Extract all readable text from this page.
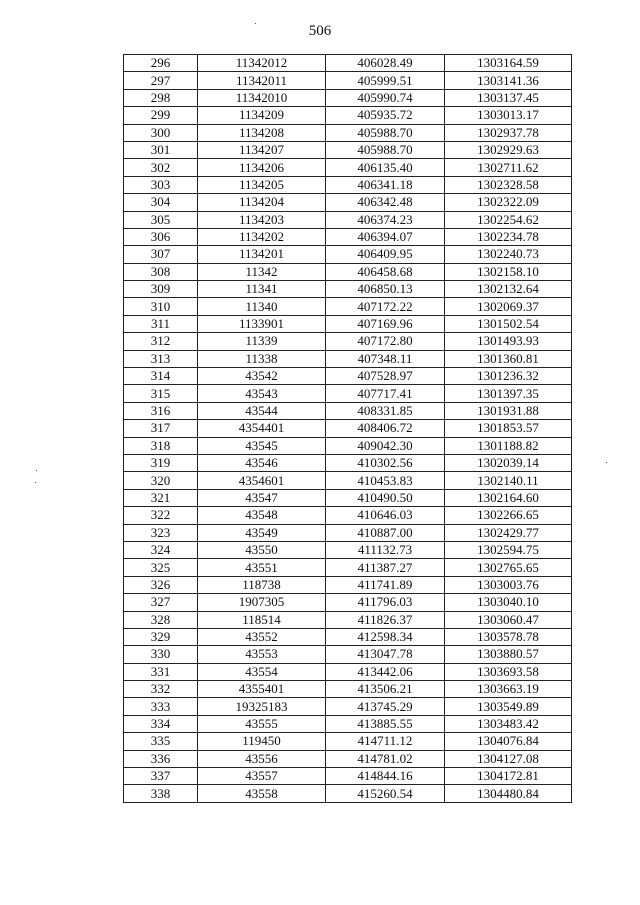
506
296	11342012	406028.49	1303164.59
297	11342011	405999.51	1303141.36
298	11342010	405990.74	1303137.45
299	1134209	405935.72	1303013.17
300	1134208	405988.70	1302937.78
301	1134207	405988.70	1302929.63
302	1134206	406135.40	1302711.62
303	1134205	406341.18	1302328.58
304	1134204	406342.48	1302322.09
305	1134203	406374.23	1302254.62
306	1134202	406394.07	1302234.78
307	1134201	406409.95	1302240.73
308	11342	406458.68	1302158.10
309	11341	406850.13	1302132.64
310	11340	407172.22	1302069.37
311	1133901	407169.96	1301502.54
312	11339	407172.80	1301493.93
313	11338	407348.11	1301360.81
314	43542	407528.97	1301236.32
315	43543	407717.41	1301397.35
316	43544	408331.85	1301931.88
317	4354401	408406.72	1301853.57
318	43545	409042.30	1301188.82
319	43546	410302.56	1302039.14
320	4354601	410453.83	1302140.11
321	43547	410490.50	1302164.60
322	43548	410646.03	1302266.65
323	43549	410887.00	1302429.77
324	43550	411132.73	1302594.75
325	43551	411387.27	1302765.65
326	118738	411741.89	1303003.76
327	1907305	411796.03	1303040.10
328	118514	411826.37	1303060.47
329	43552	412598.34	1303578.78
330	43553	413047.78	1303880.57
331	43554	413442.06	1303693.58
332	4355401	413506.21	1303663.19
333	19325183	413745.29	1303549.89
334	43555	413885.55	1303483.42
335	119450	414711.12	1304076.84
336	43556	414781.02	1304127.08
337	43557	414844.16	1304172.81
338	43558	415260.54	1304480.84
